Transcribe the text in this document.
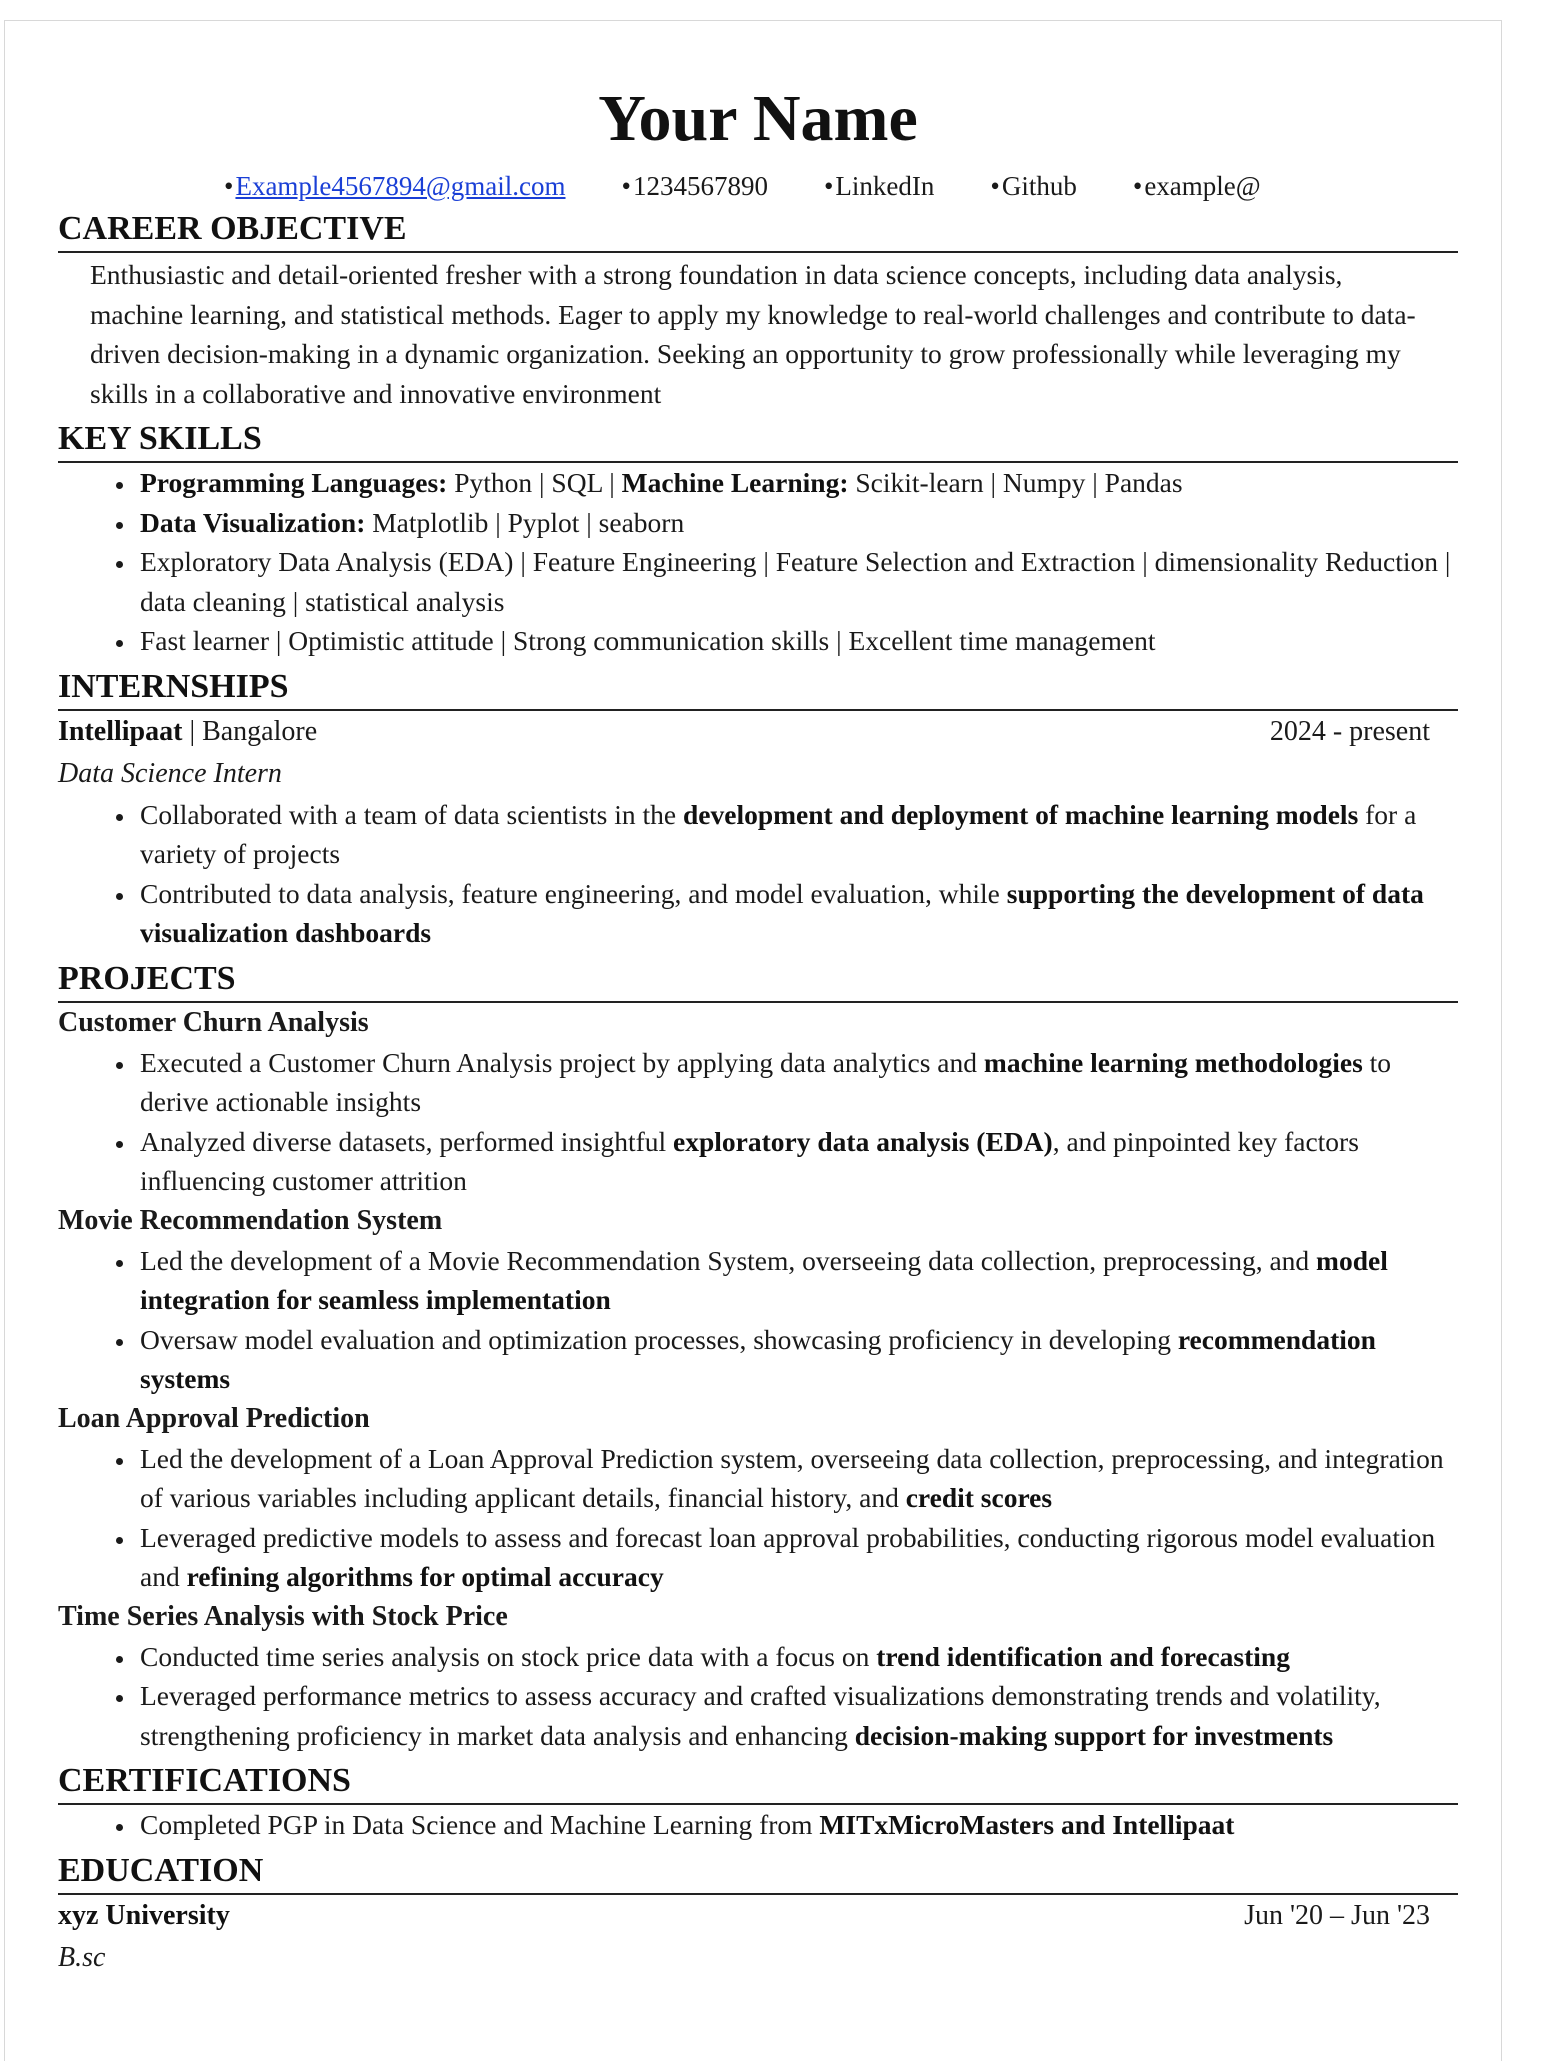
Your Name
•Example4567894@gmail.com •1234567890 •LinkedIn •Github •example@
CAREER OBJECTIVE
Enthusiastic and detail-oriented fresher with a strong foundation in data science concepts, including data analysis, machine learning, and statistical methods. Eager to apply my knowledge to real-world challenges and contribute to data-driven decision-making in a dynamic organization. Seeking an opportunity to grow professionally while leveraging my skills in a collaborative and innovative environment
KEY SKILLS
• Programming Languages: Python | SQL | Machine Learning: Scikit-learn | Numpy | Pandas
• Data Visualization: Matplotlib | Pyplot | seaborn
• Exploratory Data Analysis (EDA) | Feature Engineering | Feature Selection and Extraction | dimensionality Reduction | data cleaning | statistical analysis
• Fast learner | Optimistic attitude | Strong communication skills | Excellent time management
INTERNSHIPS
Intellipaat | Bangalore	2024 - present
Data Science Intern
• Collaborated with a team of data scientists in the development and deployment of machine learning models for a variety of projects
• Contributed to data analysis, feature engineering, and model evaluation, while supporting the development of data visualization dashboards
PROJECTS
Customer Churn Analysis
• Executed a Customer Churn Analysis project by applying data analytics and machine learning methodologies to derive actionable insights
• Analyzed diverse datasets, performed insightful exploratory data analysis (EDA), and pinpointed key factors influencing customer attrition
Movie Recommendation System
• Led the development of a Movie Recommendation System, overseeing data collection, preprocessing, and model integration for seamless implementation
• Oversaw model evaluation and optimization processes, showcasing proficiency in developing recommendation systems
Loan Approval Prediction
• Led the development of a Loan Approval Prediction system, overseeing data collection, preprocessing, and integration of various variables including applicant details, financial history, and credit scores
• Leveraged predictive models to assess and forecast loan approval probabilities, conducting rigorous model evaluation and refining algorithms for optimal accuracy
Time Series Analysis with Stock Price
• Conducted time series analysis on stock price data with a focus on trend identification and forecasting
• Leveraged performance metrics to assess accuracy and crafted visualizations demonstrating trends and volatility, strengthening proficiency in market data analysis and enhancing decision-making support for investments
CERTIFICATIONS
• Completed PGP in Data Science and Machine Learning from MITxMicroMasters and Intellipaat
EDUCATION
xyz University	Jun '20 – Jun '23
B.sc
